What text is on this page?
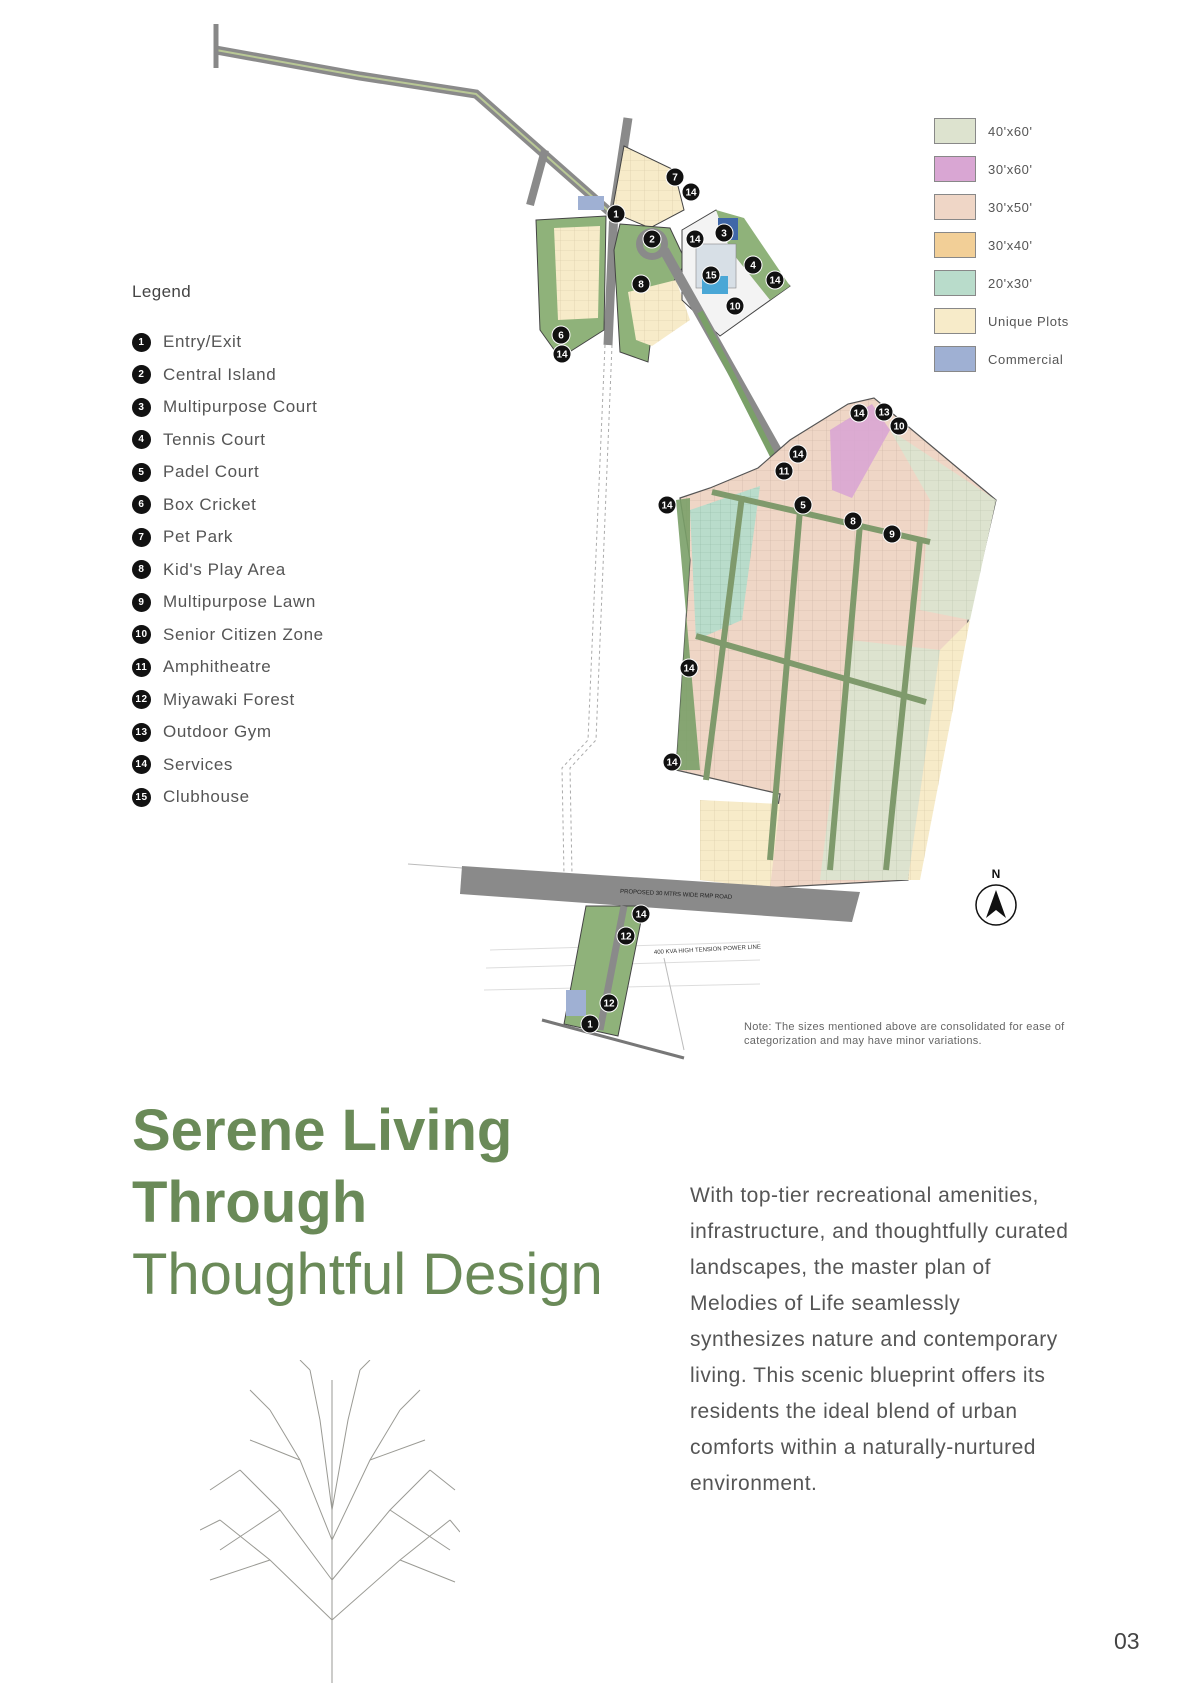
PROPOSED 30 MTRS WIDE RMP ROAD
400 KVA HIGH TENSION POWER LINE
1
7
14
2	14
3
15
4
14
8
10
6
14
14 13
10
14
11
14	5
8
9
14
14
14
12
12
1
N
Legend
1	Entry/Exit
2	Central Island
3	Multipurpose Court
4	Tennis Court
5	Padel Court
6	Box Cricket
7	Pet Park
8	Kid's Play Area
9	Multipurpose Lawn
10 Senior Citizen Zone
11 Amphitheatre
12 Miyawaki Forest
13 Outdoor Gym
14 Services
15 Clubhouse
40'x60'
30'x60'
30'x50'
30'x40'
20'x30'
Unique Plots
Commercial
Note: The sizes mentioned above are consolidated for ease of categorization and may have minor variations.
Serene Living
Through
Thoughtful Design
With top-tier recreational amenities, infrastructure, and thoughtfully curated landscapes, the master plan of Melodies of Life seamlessly synthesizes nature and contemporary living. This scenic blueprint offers its residents the ideal blend of urban comforts within a naturally-nurtured environment.
03
